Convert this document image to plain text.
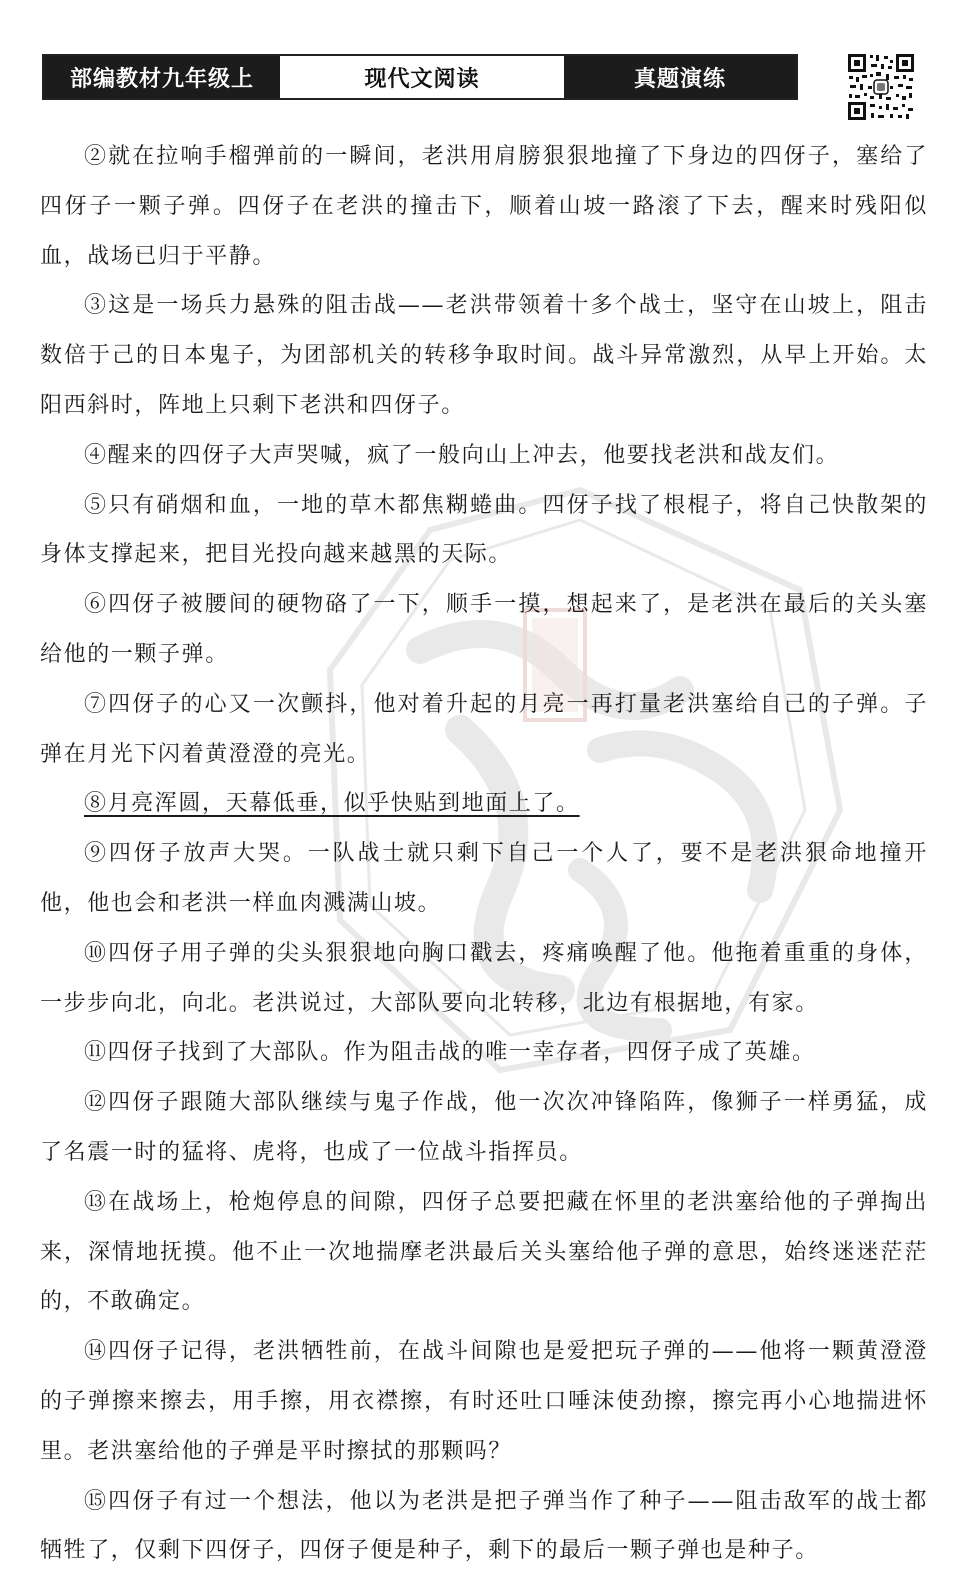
部编教材九年级上	现代文阅读	真题演练

②就在拉响手榴弹前的一瞬间，老洪用肩膀狠狠地撞了下身边的四伢子，塞给了四伢子一颗子弹。四伢子在老洪的撞击下，顺着山坡一路滚了下去，醒来时残阳似血，战场已归于平静。

③这是一场兵力悬殊的阻击战——老洪带领着十多个战士，坚守在山坡上，阻击数倍于己的日本鬼子，为团部机关的转移争取时间。战斗异常激烈，从早上开始。太阳西斜时，阵地上只剩下老洪和四伢子。

④醒来的四伢子大声哭喊，疯了一般向山上冲去，他要找老洪和战友们。

⑤只有硝烟和血，一地的草木都焦糊蜷曲。四伢子找了根棍子，将自己快散架的身体支撑起来，把目光投向越来越黑的天际。

⑥四伢子被腰间的硬物硌了一下，顺手一摸，想起来了，是老洪在最后的关头塞给他的一颗子弹。

⑦四伢子的心又一次颤抖，他对着升起的月亮一再打量老洪塞给自己的子弹。子弹在月光下闪着黄澄澄的亮光。

⑧月亮浑圆，天幕低垂，似乎快贴到地面上了。

⑨四伢子放声大哭。一队战士就只剩下自己一个人了，要不是老洪狠命地撞开他，他也会和老洪一样血肉溅满山坡。

⑩四伢子用子弹的尖头狠狠地向胸口戳去，疼痛唤醒了他。他拖着重重的身体，一步步向北，向北。老洪说过，大部队要向北转移，北边有根据地，有家。

⑪四伢子找到了大部队。作为阻击战的唯一幸存者，四伢子成了英雄。

⑫四伢子跟随大部队继续与鬼子作战，他一次次冲锋陷阵，像狮子一样勇猛，成了名震一时的猛将、虎将，也成了一位战斗指挥员。

⑬在战场上，枪炮停息的间隙，四伢子总要把藏在怀里的老洪塞给他的子弹掏出来，深情地抚摸。他不止一次地揣摩老洪最后关头塞给他子弹的意思，始终迷迷茫茫的，不敢确定。

⑭四伢子记得，老洪牺牲前，在战斗间隙也是爱把玩子弹的——他将一颗黄澄澄的子弹擦来擦去，用手擦，用衣襟擦，有时还吐口唾沫使劲擦，擦完再小心地揣进怀里。老洪塞给他的子弹是平时擦拭的那颗吗？

⑮四伢子有过一个想法，他以为老洪是把子弹当作了种子——阻击敌军的战士都牺牲了，仅剩下四伢子，四伢子便是种子，剩下的最后一颗子弹也是种子。
